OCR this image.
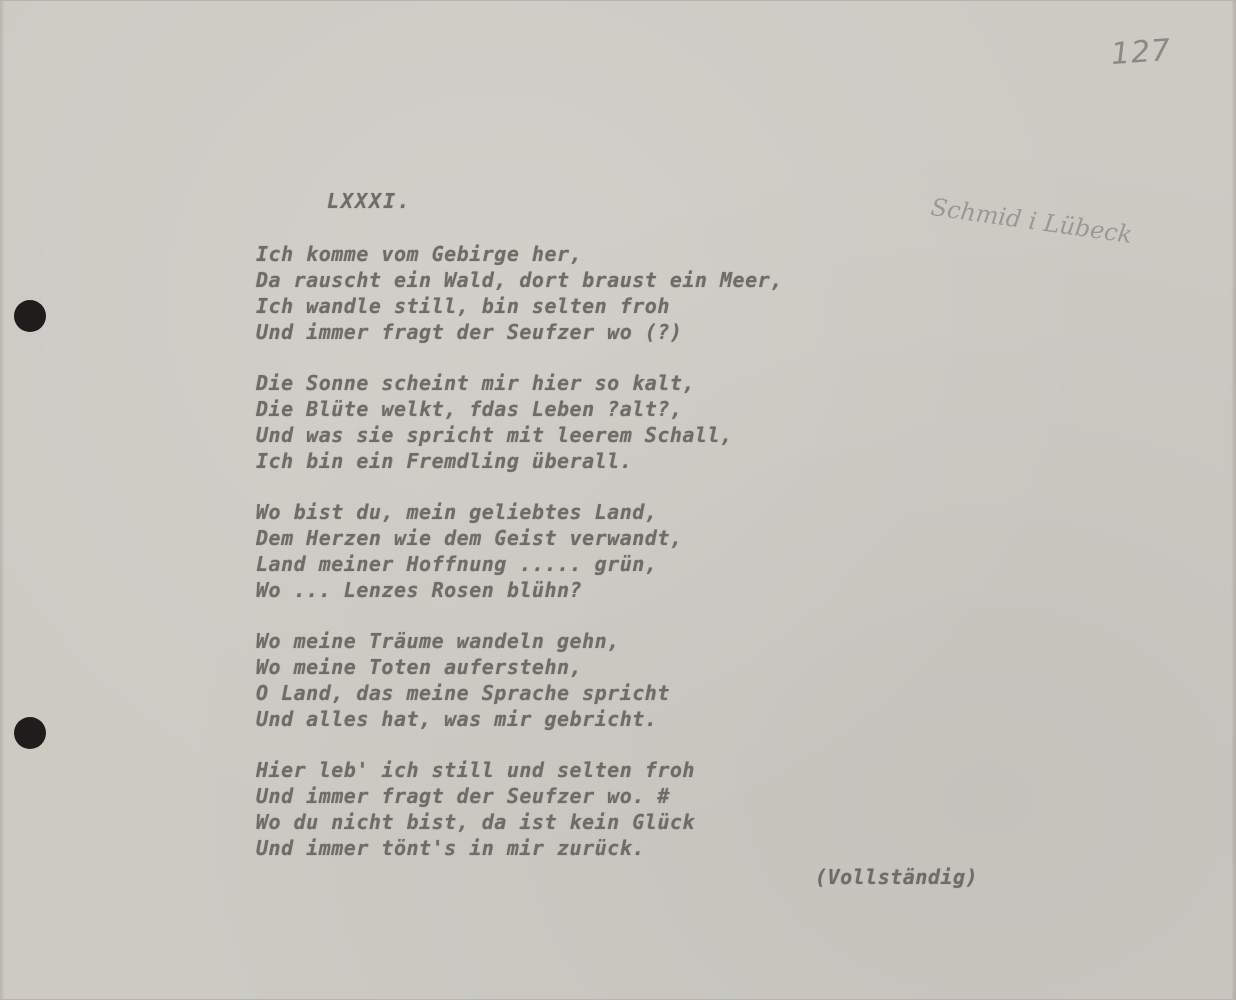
127
Schmid i Lübeck
LXXXI.
Ich komme vom Gebirge her,
Da rauscht ein Wald, dort braust ein Meer,
Ich wandle still, bin selten froh
Und immer fragt der Seufzer wo (?)
Die Sonne scheint mir hier so kalt,
Die Blüte welkt, fdas Leben ?alt?,
Und was sie spricht mit leerem Schall,
Ich bin ein Fremdling überall.
Wo bist du, mein geliebtes Land,
Dem Herzen wie dem Geist verwandt,
Land meiner Hoffnung ..... grün,
Wo ... Lenzes Rosen blühn?
Wo meine Träume wandeln gehn,
Wo meine Toten auferstehn,
O Land, das meine Sprache spricht
Und alles hat, was mir gebricht.
Hier leb' ich still und selten froh
Und immer fragt der Seufzer wo. #
Wo du nicht bist, da ist kein Glück
Und immer tönt's in mir zurück.
(Vollständig)
